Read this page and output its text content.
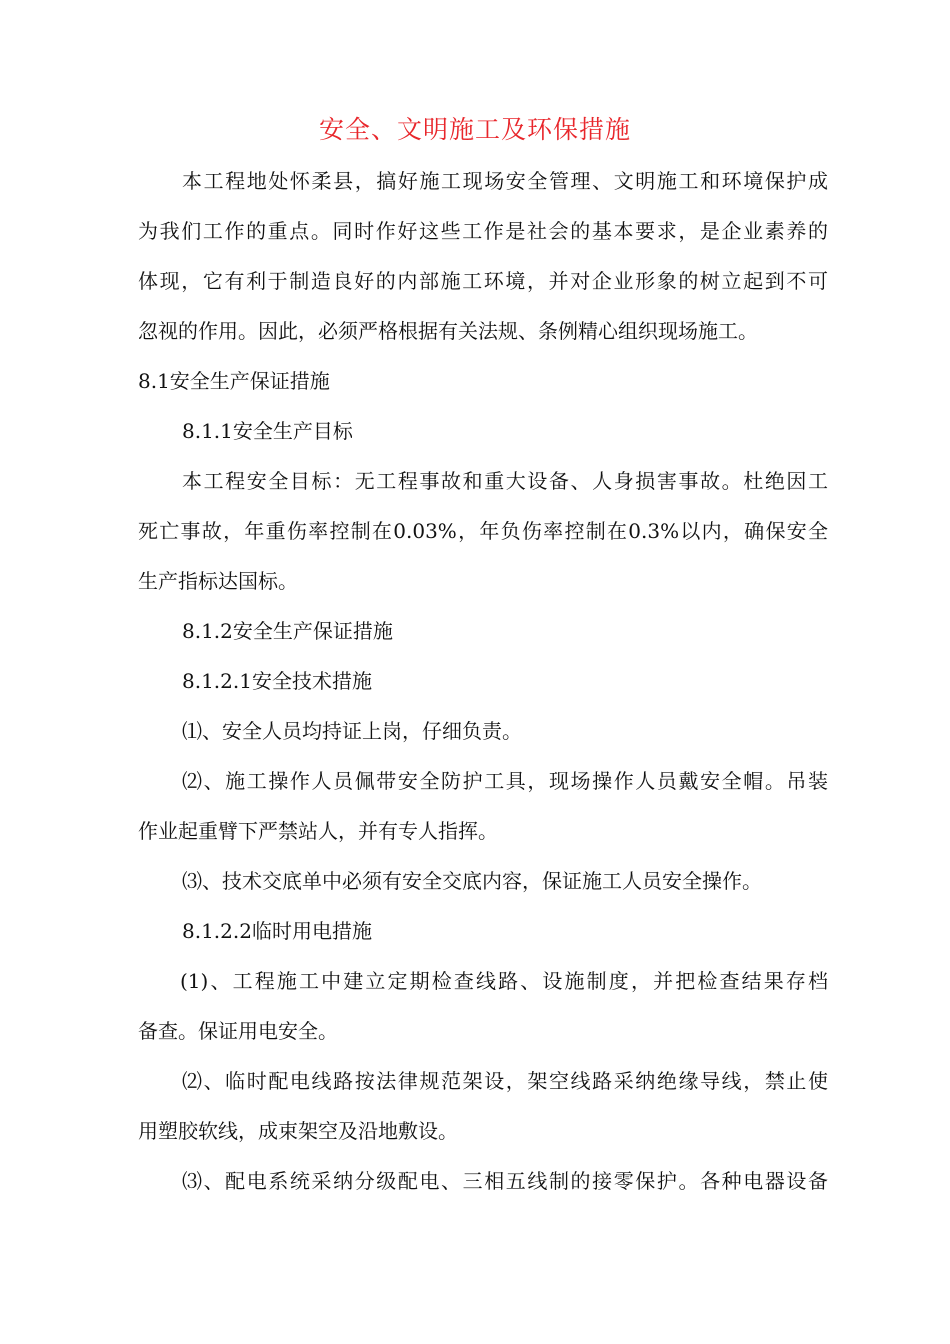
安全、文明施工及环保措施
本工程地处怀柔县，搞好施工现场安全管理、文明施工和环境保护成
为我们工作的重点。同时作好这些工作是社会的基本要求，是企业素养的
体现，它有利于制造良好的内部施工环境，并对企业形象的树立起到不可
忽视的作用。因此，必须严格根据有关法规、条例精心组织现场施工。
8.1安全生产保证措施
8.1.1安全生产目标
本工程安全目标：无工程事故和重大设备、人身损害事故。杜绝因工
死亡事故，年重伤率控制在0.03%，年负伤率控制在0.3%以内，确保安全
生产指标达国标。
8.1.2安全生产保证措施
8.1.2.1安全技术措施
⑴、安全人员均持证上岗，仔细负责。
⑵、施工操作人员佩带安全防护工具，现场操作人员戴安全帽。吊装
作业起重臂下严禁站人，并有专人指挥。
⑶、技术交底单中必须有安全交底内容，保证施工人员安全操作。
8.1.2.2临时用电措施
(1)、工程施工中建立定期检查线路、设施制度，并把检查结果存档
备查。保证用电安全。
⑵、临时配电线路按法律规范架设，架空线路采纳绝缘导线，禁止使
用塑胶软线，成束架空及沿地敷设。
⑶、配电系统采纳分级配电、三相五线制的接零保护。各种电器设备
